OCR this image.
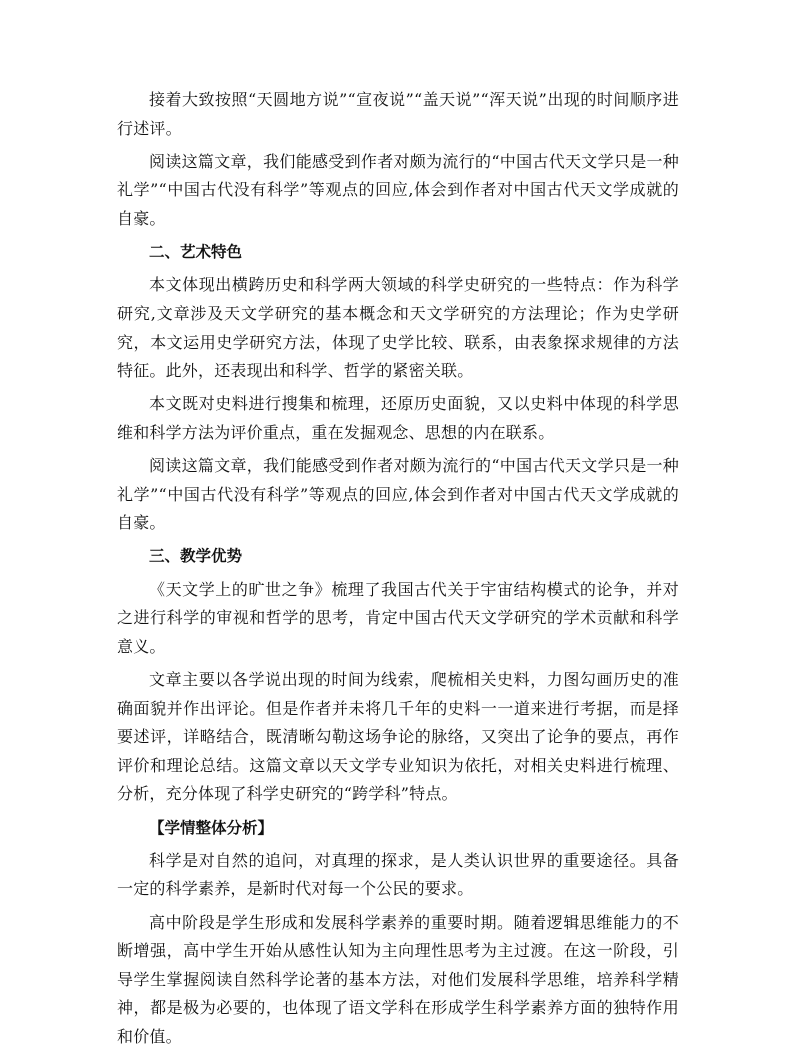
接着大致按照“天圆地方说”“宣夜说”“盖天说”“浑天说”出现的时间顺序进行述评。

阅读这篇文章，我们能感受到作者对颇为流行的“中国古代天文学只是一种礼学”“中国古代没有科学”等观点的回应,体会到作者对中国古代天文学成就的自豪。

二、艺术特色

本文体现出横跨历史和科学两大领域的科学史研究的一些特点：作为科学研究,文章涉及天文学研究的基本概念和天文学研究的方法理论；作为史学研究，本文运用史学研究方法，体现了史学比较、联系，由表象探求规律的方法特征。此外，还表现出和科学、哲学的紧密关联。

本文既对史料进行搜集和梳理，还原历史面貌，又以史料中体现的科学思维和科学方法为评价重点，重在发掘观念、思想的内在联系。

阅读这篇文章，我们能感受到作者对颇为流行的“中国古代天文学只是一种礼学”“中国古代没有科学”等观点的回应,体会到作者对中国古代天文学成就的自豪。

三、教学优势

《天文学上的旷世之争》梳理了我国古代关于宇宙结构模式的论争，并对之进行科学的审视和哲学的思考，肯定中国古代天文学研究的学术贡献和科学意义。

文章主要以各学说出现的时间为线索，爬梳相关史料，力图勾画历史的准确面貌并作出评论。但是作者并未将几千年的史料一一道来进行考据，而是择要述评，详略结合，既清晰勾勒这场争论的脉络，又突出了论争的要点，再作评价和理论总结。这篇文章以天文学专业知识为依托，对相关史料进行梳理、分析，充分体现了科学史研究的“跨学科”特点。

【学情整体分析】

科学是对自然的追问，对真理的探求，是人类认识世界的重要途径。具备一定的科学素养，是新时代对每一个公民的要求。

高中阶段是学生形成和发展科学素养的重要时期。随着逻辑思维能力的不断增强，高中学生开始从感性认知为主向理性思考为主过渡。在这一阶段，引导学生掌握阅读自然科学论著的基本方法，对他们发展科学思维，培养科学精神，都是极为必要的，也体现了语文学科在形成学生科学素养方面的独特作用和价值。
